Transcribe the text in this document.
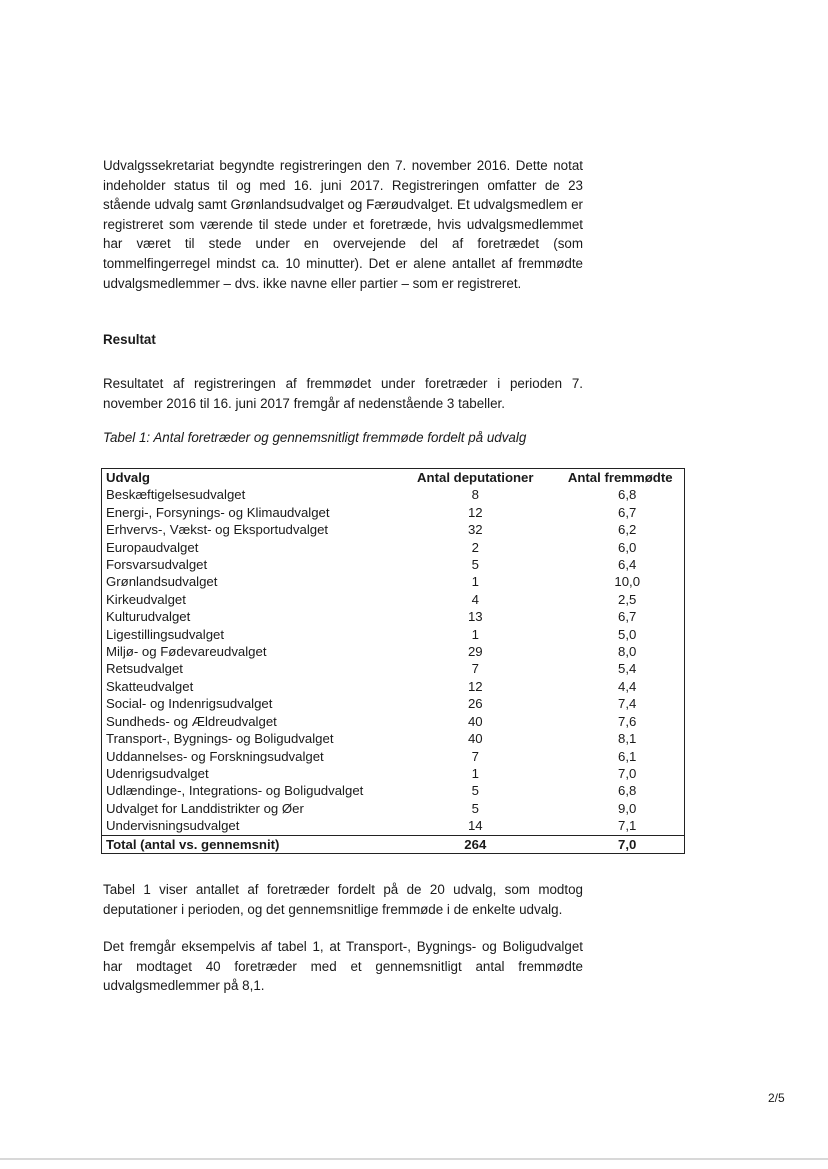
Udvalgssekretariat begyndte registreringen den 7. november 2016. Dette notat indeholder status til og med 16. juni 2017. Registreringen omfatter de 23 stående udvalg samt Grønlandsudvalget og Færøudvalget. Et udvalgsmedlem er registreret som værende til stede under et foretræde, hvis udvalgsmedlemmet har været til stede under en overvejende del af foretrædet (som tommelfingerregel mindst ca. 10 minutter). Det er alene antallet af fremmødte udvalgsmedlemmer – dvs. ikke navne eller partier – som er registreret.

Resultat

Resultatet af registreringen af fremmødet under foretræder i perioden 7. november 2016 til 16. juni 2017 fremgår af nedenstående 3 tabeller.

Tabel 1: Antal foretræder og gennemsnitligt fremmøde fordelt på udvalg
Udvalg	Antal deputationer	Antal fremmødte
Beskæftigelsesudvalget	8	6,8
Energi-, Forsynings- og Klimaudvalget	12	6,7
Erhvervs-, Vækst- og Eksportudvalget	32	6,2
Europaudvalget	2	6,0
Forsvarsudvalget	5	6,4
Grønlandsudvalget	1	10,0
Kirkeudvalget	4	2,5
Kulturudvalget	13	6,7
Ligestillingsudvalget	1	5,0
Miljø- og Fødevareudvalget	29	8,0
Retsudvalget	7	5,4
Skatteudvalget	12	4,4
Social- og Indenrigsudvalget	26	7,4
Sundheds- og Ældreudvalget	40	7,6
Transport-, Bygnings- og Boligudvalget	40	8,1
Uddannelses- og Forskningsudvalget	7	6,1
Udenrigsudvalget	1	7,0
Udlændinge-, Integrations- og Boligudvalget	5	6,8
Udvalget for Landdistrikter og Øer	5	9,0
Undervisningsudvalget	14	7,1
Total (antal vs. gennemsnit)	264	7,0

Tabel 1 viser antallet af foretræder fordelt på de 20 udvalg, som modtog deputationer i perioden, og det gennemsnitlige fremmøde i de enkelte udvalg.

Det fremgår eksempelvis af tabel 1, at Transport-, Bygnings- og Boligudvalget har modtaget 40 foretræder med et gennemsnitligt antal fremmødte udvalgsmedlemmer på 8,1.

2/5
